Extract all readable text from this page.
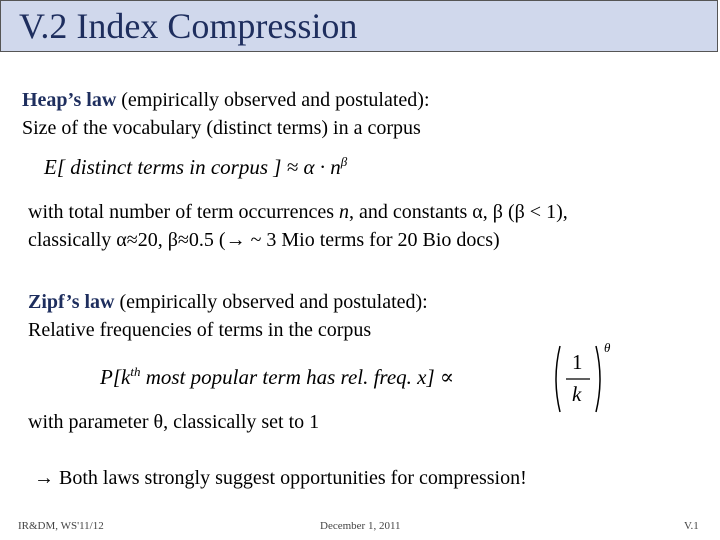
V.2 Index Compression
Heap’s law (empirically observed and postulated):
Size of the vocabulary (distinct terms) in a corpus
E[ distinct terms in corpus ] ≈ $\alpha \cdot n^\beta$
with total number of term occurrences n, and constants α, β (β < 1),
classically α≈20, β≈0.5 (→ ~ 3 Mio terms for 20 Bio docs)
Zipf’s law (empirically observed and postulated):
Relative frequencies of terms in the corpus
$P[k^{th}$ most popular term has rel. freq. x] ∝
1
k
θ
with parameter θ, classically set to 1
→ Both laws strongly suggest opportunities for compression!
IR&DM, WS'11/12	December 1, 2011	V.1
